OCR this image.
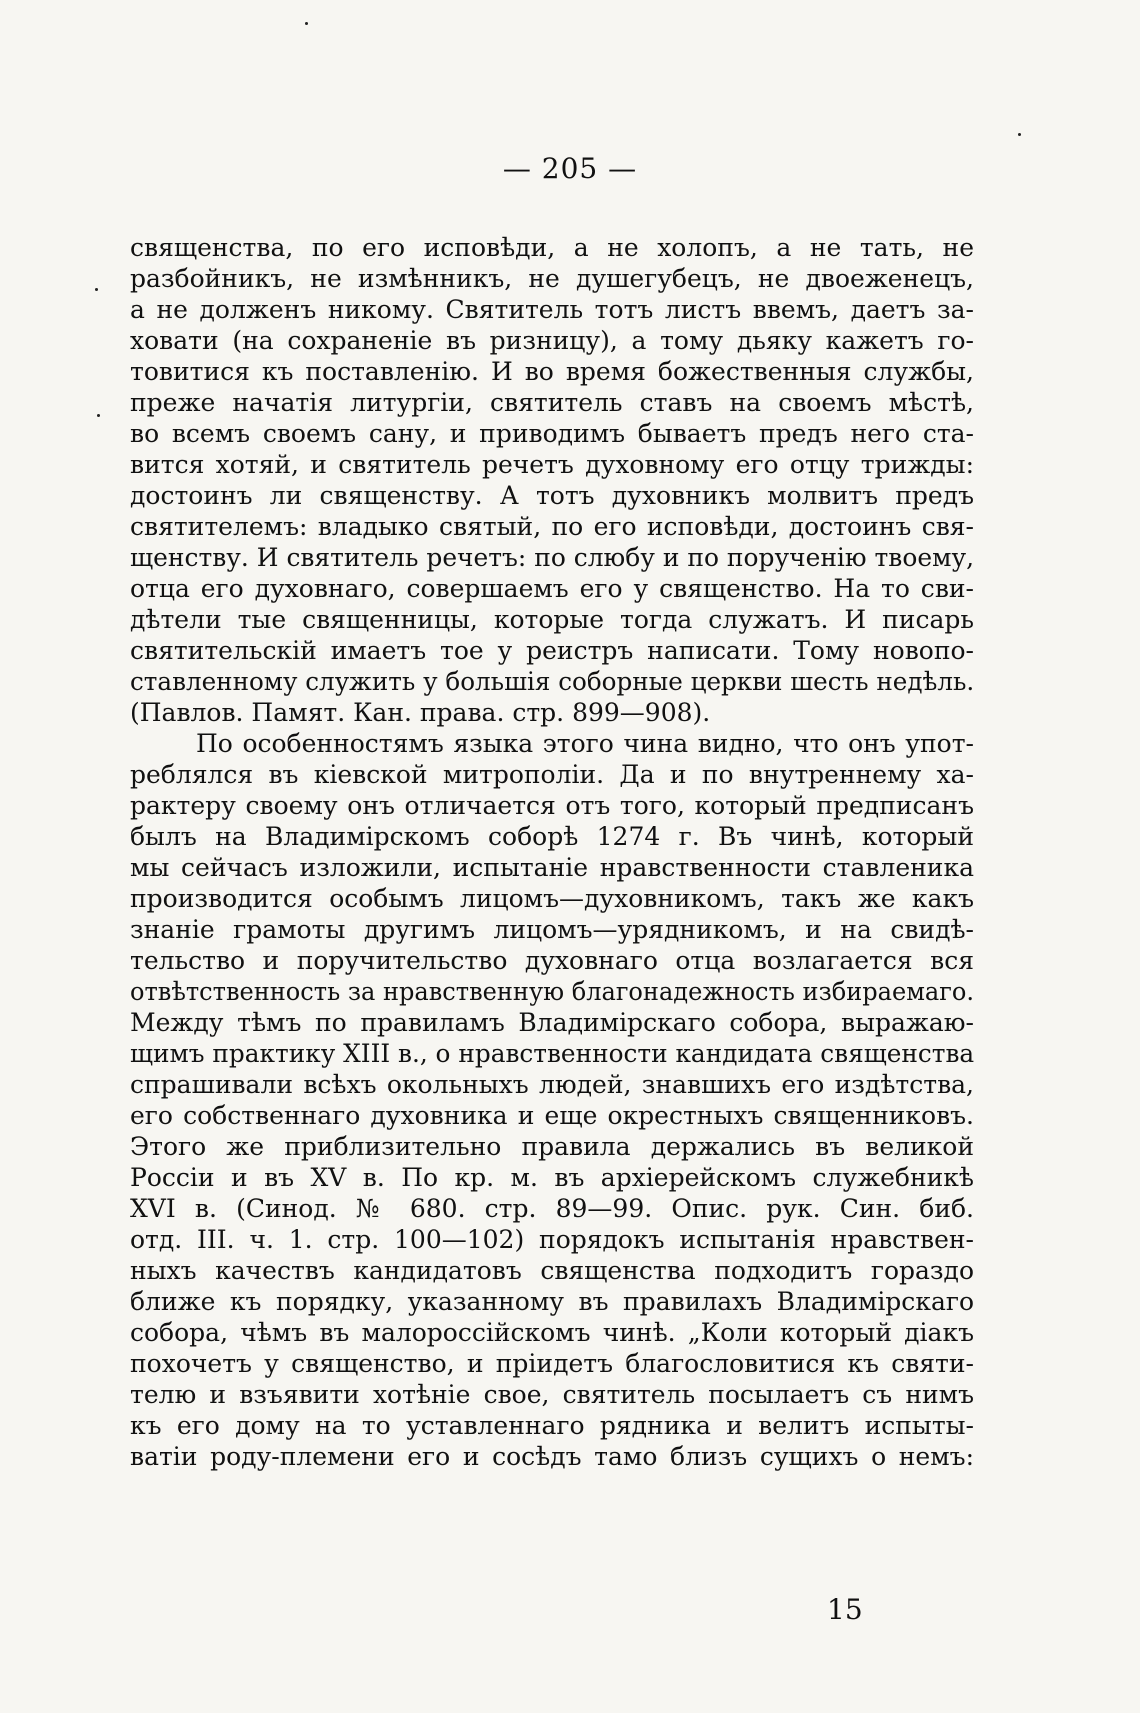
— 205 —
священства, по его исповѣди, а не холопъ, а не тать, не
разбойникъ, не измѣнникъ, не душегубецъ, не двоеженецъ,
а не долженъ никому. Святитель тотъ листъ ввемъ, даетъ за-
ховати (на сохраненіе въ ризницу), а тому дьяку кажетъ го-
товитися къ поставленію. И во время божественныя службы,
преже начатія литургіи, святитель ставъ на своемъ мѣстѣ,
во всемъ своемъ сану, и приводимъ бываетъ предъ него ста-
вится хотяй, и святитель речетъ духовному его отцу трижды:
достоинъ ли священству. А тотъ духовникъ молвитъ предъ
святителемъ: владыко святый, по его исповѣди, достоинъ свя-
щенству. И святитель речетъ: по слюбу и по порученію твоему,
отца его духовнаго, совершаемъ его у священство. На то сви-
дѣтели тые священницы, которые тогда служатъ. И писарь
святительскій имаетъ тое у реистръ написати. Тому новопо-
ставленному служить у большія соборные церкви шесть недѣль.
(Павлов. Памят. Кан. права. стр. 899—908).
По особенностямъ языка этого чина видно, что онъ упот-
реблялся въ кіевской митрополіи. Да и по внутреннему ха-
рактеру своему онъ отличается отъ того, который предписанъ
былъ на Владимірскомъ соборѣ 1274 г. Въ чинѣ, который
мы сейчасъ изложили, испытаніе нравственности ставленика
производится особымъ лицомъ—духовникомъ, такъ же какъ
знаніе грамоты другимъ лицомъ—урядникомъ, и на свидѣ-
тельство и поручительство духовнаго отца возлагается вся
отвѣтственность за нравственную благонадежность избираемаго.
Между тѣмъ по правиламъ Владимірскаго собора, выражаю-
щимъ практику XIII в., о нравственности кандидата священства
спрашивали всѣхъ окольныхъ людей, знавшихъ его издѣтства,
его собственнаго духовника и еще окрестныхъ священниковъ.
Этого же приблизительно правила держались въ великой
Россіи и въ XV в. По кр. м. въ архіерейскомъ служебникѣ
XVI в. (Синод. № 680. стр. 89—99. Опис. рук. Син. биб.
отд. III. ч. 1. стр. 100—102) порядокъ испытанія нравствен-
ныхъ качествъ кандидатовъ священства подходитъ гораздо
ближе къ порядку, указанному въ правилахъ Владимірскаго
собора, чѣмъ въ малороссійскомъ чинѣ. „Коли который діакъ
похочетъ у священство, и пріидетъ благословитися къ святи-
телю и взъявити хотѣніе свое, святитель посылаетъ съ нимъ
къ его дому на то уставленнаго рядника и велитъ испыты-
ватіи роду-племени его и сосѣдъ тамо близъ сущихъ о немъ:
15
